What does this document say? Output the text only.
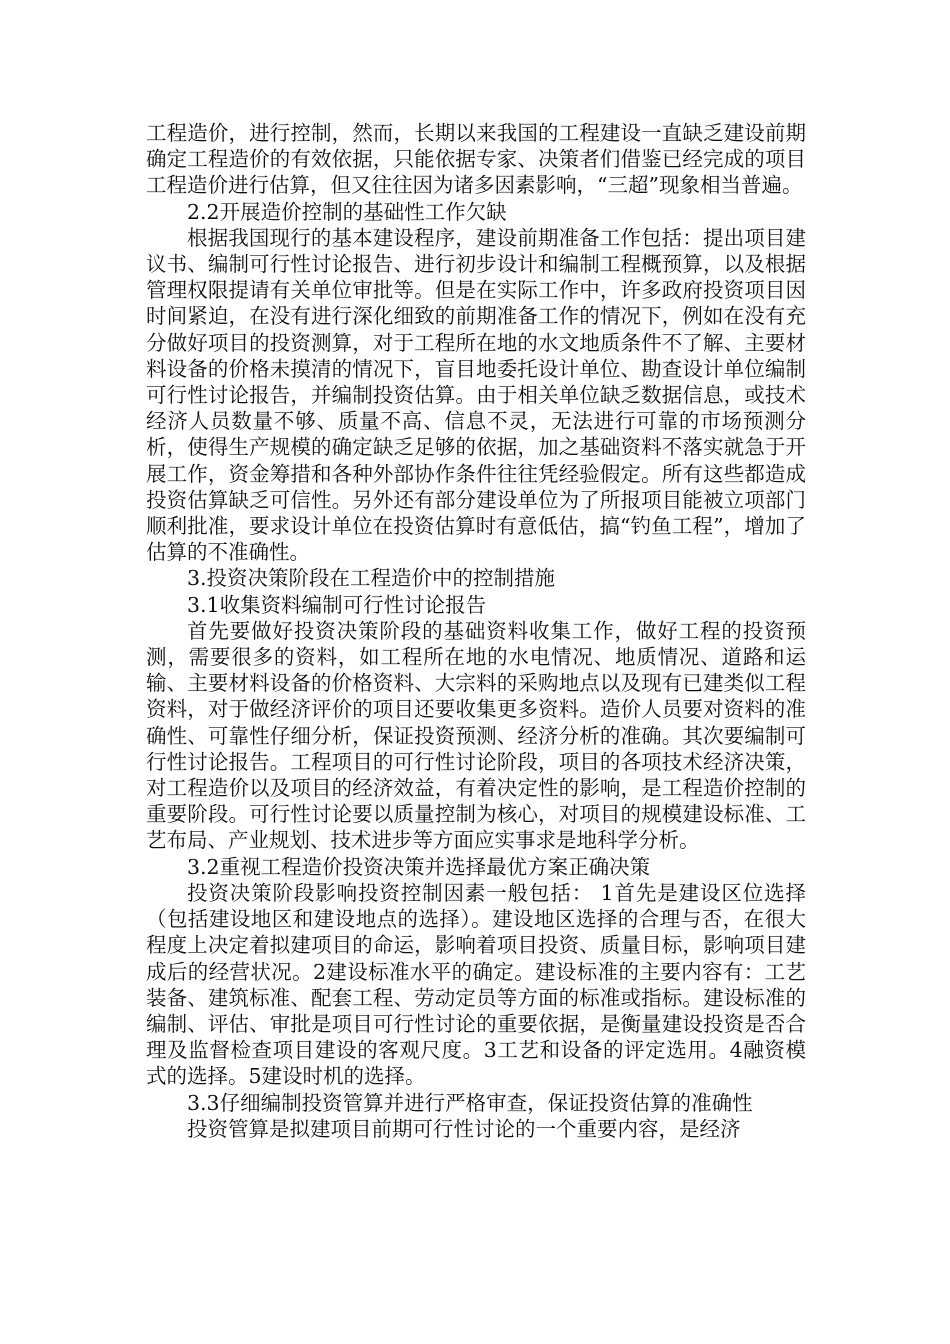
工程造价，进行控制，然而，长期以来我国的工程建设一直缺乏建设前期确定工程造价的有效依据，只能依据专家、决策者们借鉴已经完成的项目工程造价进行估算，但又往往因为诸多因素影响，“三超”现象相当普遍。

2.2开展造价控制的基础性工作欠缺

根据我国现行的基本建设程序，建设前期准备工作包括：提出项目建议书、编制可行性讨论报告、进行初步设计和编制工程概预算，以及根据管理权限提请有关单位审批等。但是在实际工作中，许多政府投资项目因时间紧迫，在没有进行深化细致的前期准备工作的情况下，例如在没有充分做好项目的投资测算，对于工程所在地的水文地质条件不了解、主要材料设备的价格未摸清的情况下，盲目地委托设计单位、勘查设计单位编制可行性讨论报告，并编制投资估算。由于相关单位缺乏数据信息，或技术经济人员数量不够、质量不高、信息不灵，无法进行可靠的市场预测分析，使得生产规模的确定缺乏足够的依据，加之基础资料不落实就急于开展工作，资金筹措和各种外部协作条件往往凭经验假定。所有这些都造成投资估算缺乏可信性。另外还有部分建设单位为了所报项目能被立项部门顺利批准，要求设计单位在投资估算时有意低估，搞“钓鱼工程”，增加了估算的不准确性。

3.投资决策阶段在工程造价中的控制措施

3.1收集资料编制可行性讨论报告

首先要做好投资决策阶段的基础资料收集工作，做好工程的投资预测，需要很多的资料，如工程所在地的水电情况、地质情况、道路和运输、主要材料设备的价格资料、大宗料的采购地点以及现有已建类似工程资料，对于做经济评价的项目还要收集更多资料。造价人员要对资料的准确性、可靠性仔细分析，保证投资预测、经济分析的准确。其次要编制可行性讨论报告。工程项目的可行性讨论阶段，项目的各项技术经济决策，对工程造价以及项目的经济效益，有着决定性的影响，是工程造价控制的重要阶段。可行性讨论要以质量控制为核心，对项目的规模建设标准、工艺布局、产业规划、技术进步等方面应实事求是地科学分析。

3.2重视工程造价投资决策并选择最优方案正确决策

投资决策阶段影响投资控制因素一般包括： 1首先是建设区位选择（包括建设地区和建设地点的选择）。建设地区选择的合理与否，在很大程度上决定着拟建项目的命运，影响着项目投资、质量目标，影响项目建成后的经营状况。2建设标准水平的确定。建设标准的主要内容有：工艺装备、建筑标准、配套工程、劳动定员等方面的标准或指标。建设标准的编制、评估、审批是项目可行性讨论的重要依据，是衡量建设投资是否合理及监督检查项目建设的客观尺度。3工艺和设备的评定选用。4融资模式的选择。5建设时机的选择。

3.3仔细编制投资管算并进行严格审查，保证投资估算的准确性

投资管算是拟建项目前期可行性讨论的一个重要内容，是经济
